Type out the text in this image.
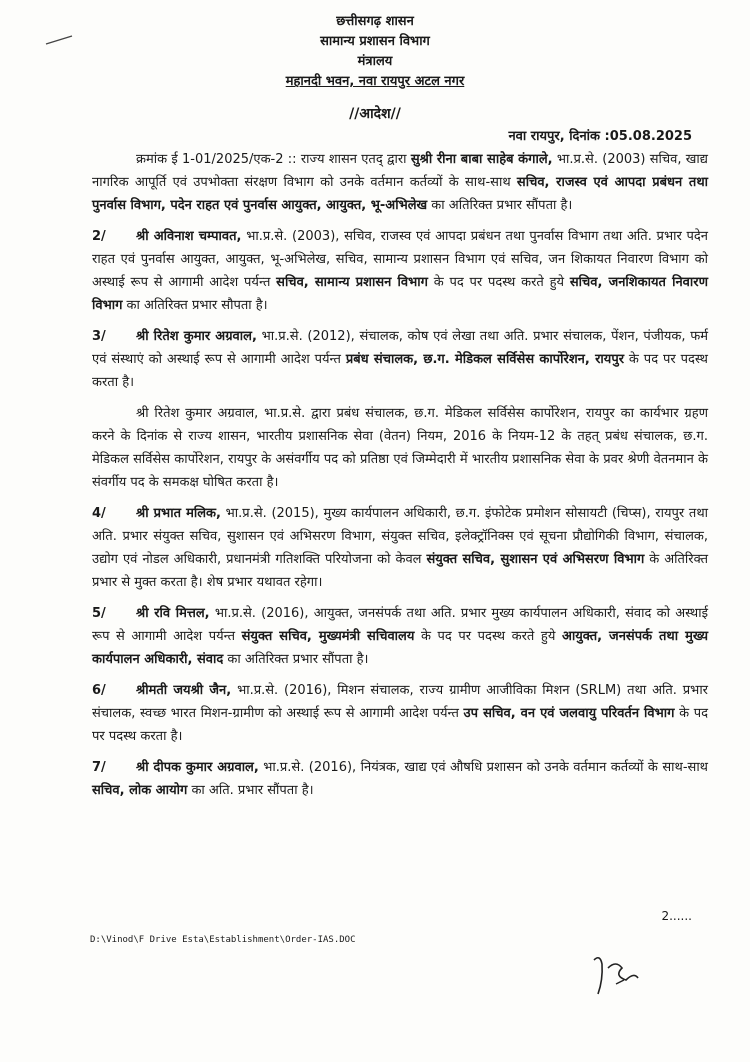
छत्तीसगढ़ शासन
सामान्य प्रशासन विभाग
मंत्रालय
महानदी भवन, नवा रायपुर अटल नगर
//आदेश//
नवा रायपुर, दिनांक :05.08.2025

क्रमांक ई 1-01/2025/एक-2 :: राज्य शासन एतद् द्वारा सुश्री रीना बाबा साहेब कंगाले, भा.प्र.से. (2003) सचिव, खाद्य नागरिक आपूर्ति एवं उपभोक्ता संरक्षण विभाग को उनके वर्तमान कर्तव्यों के साथ-साथ सचिव, राजस्व एवं आपदा प्रबंधन तथा पुनर्वास विभाग, पदेन राहत एवं पुनर्वास आयुक्त, आयुक्त, भू-अभिलेख का अतिरिक्त प्रभार सौंपता है।

2/ श्री अविनाश चम्पावत, भा.प्र.से. (2003), सचिव, राजस्व एवं आपदा प्रबंधन तथा पुनर्वास विभाग तथा अति. प्रभार पदेन राहत एवं पुनर्वास आयुक्त, आयुक्त, भू-अभिलेख, सचिव, सामान्य प्रशासन विभाग एवं सचिव, जन शिकायत निवारण विभाग को अस्थाई रूप से आगामी आदेश पर्यन्त सचिव, सामान्य प्रशासन विभाग के पद पर पदस्थ करते हुये सचिव, जनशिकायत निवारण विभाग का अतिरिक्त प्रभार सौपता है।

3/ श्री रितेश कुमार अग्रवाल, भा.प्र.से. (2012), संचालक, कोष एवं लेखा तथा अति. प्रभार संचालक, पेंशन, पंजीयक, फर्म एवं संस्थाएं को अस्थाई रूप से आगामी आदेश पर्यन्त प्रबंध संचालक, छ.ग. मेडिकल सर्विसेस कार्पोरेशन, रायपुर के पद पर पदस्थ करता है।

श्री रितेश कुमार अग्रवाल, भा.प्र.से. द्वारा प्रबंध संचालक, छ.ग. मेडिकल सर्विसेस कार्पोरेशन, रायपुर का कार्यभार ग्रहण करने के दिनांक से राज्य शासन, भारतीय प्रशासनिक सेवा (वेतन) नियम, 2016 के नियम-12 के तहत् प्रबंध संचालक, छ.ग. मेडिकल सर्विसेस कार्पोरेशन, रायपुर के असंवर्गीय पद को प्रतिष्ठा एवं जिम्मेदारी में भारतीय प्रशासनिक सेवा के प्रवर श्रेणी वेतनमान के संवर्गीय पद के समकक्ष घोषित करता है।

4/ श्री प्रभात मलिक, भा.प्र.से. (2015), मुख्य कार्यपालन अधिकारी, छ.ग. इंफोटेक प्रमोशन सोसायटी (चिप्स), रायपुर तथा अति. प्रभार संयुक्त सचिव, सुशासन एवं अभिसरण विभाग, संयुक्त सचिव, इलेक्ट्रॉनिक्स एवं सूचना प्रौद्योगिकी विभाग, संचालक, उद्योग एवं नोडल अधिकारी, प्रधानमंत्री गतिशक्ति परियोजना को केवल संयुक्त सचिव, सुशासन एवं अभिसरण विभाग के अतिरिक्त प्रभार से मुक्त करता है। शेष प्रभार यथावत रहेगा।

5/ श्री रवि मित्तल, भा.प्र.से. (2016), आयुक्त, जनसंपर्क तथा अति. प्रभार मुख्य कार्यपालन अधिकारी, संवाद को अस्थाई रूप से आगामी आदेश पर्यन्त संयुक्त सचिव, मुख्यमंत्री सचिवालय के पद पर पदस्थ करते हुये आयुक्त, जनसंपर्क तथा मुख्य कार्यपालन अधिकारी, संवाद का अतिरिक्त प्रभार सौंपता है।

6/ श्रीमती जयश्री जैन, भा.प्र.से. (2016), मिशन संचालक, राज्य ग्रामीण आजीविका मिशन (SRLM) तथा अति. प्रभार संचालक, स्वच्छ भारत मिशन-ग्रामीण को अस्थाई रूप से आगामी आदेश पर्यन्त उप सचिव, वन एवं जलवायु परिवर्तन विभाग के पद पर पदस्थ करता है।

7/ श्री दीपक कुमार अग्रवाल, भा.प्र.से. (2016), नियंत्रक, खाद्य एवं औषधि प्रशासन को उनके वर्तमान कर्तव्यों के साथ-साथ सचिव, लोक आयोग का अति. प्रभार सौंपता है।

2......
D:\Vinod\F Drive Esta\Establishment\Order-IAS.DOC
